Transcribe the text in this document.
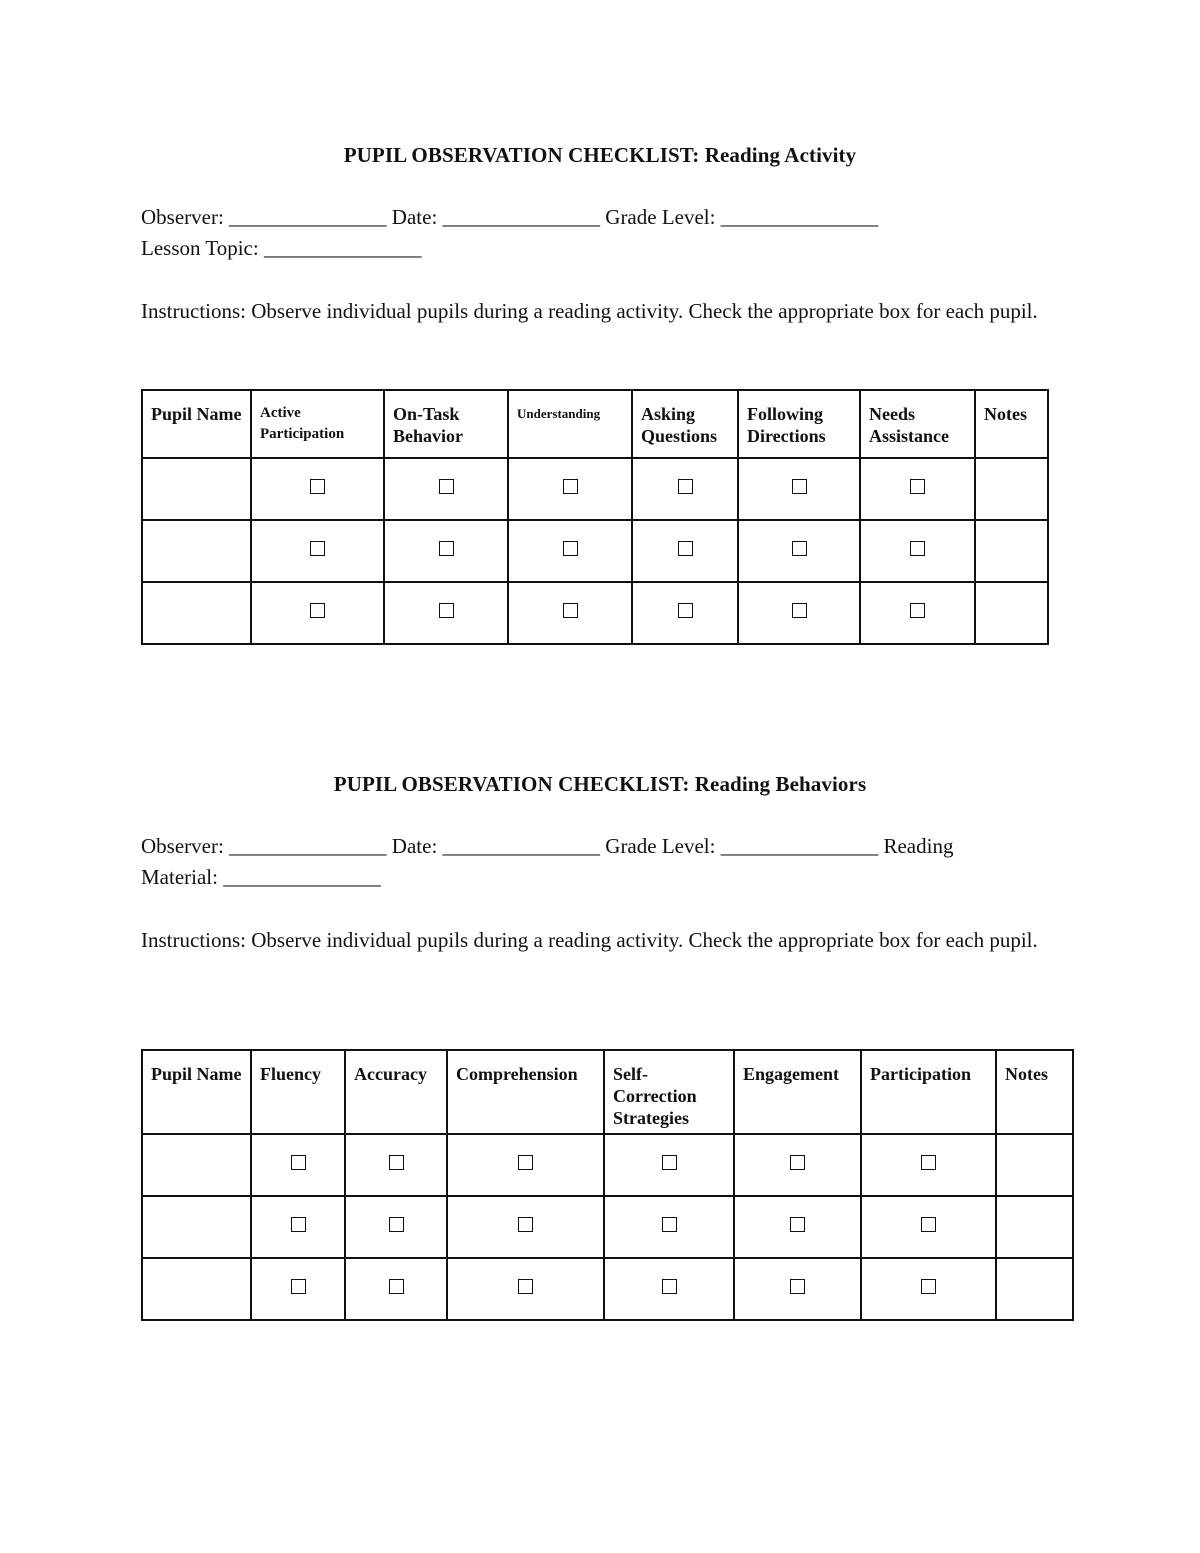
PUPIL OBSERVATION CHECKLIST: Reading Activity
Observer: _______________ Date: _______________ Grade Level: _______________
Lesson Topic: _______________
Instructions: Observe individual pupils during a reading activity. Check the appropriate box for each pupil.
Pupil Name	Active Participation	On-Task Behavior	Understanding	Asking Questions	Following Directions	Needs Assistance	Notes

PUPIL OBSERVATION CHECKLIST: Reading Behaviors
Observer: _______________ Date: _______________ Grade Level: _______________ Reading
Material: _______________
Instructions: Observe individual pupils during a reading activity. Check the appropriate box for each pupil.
Pupil Name	Fluency	Accuracy	Comprehension	Self-Correction Strategies	Engagement	Participation	Notes
